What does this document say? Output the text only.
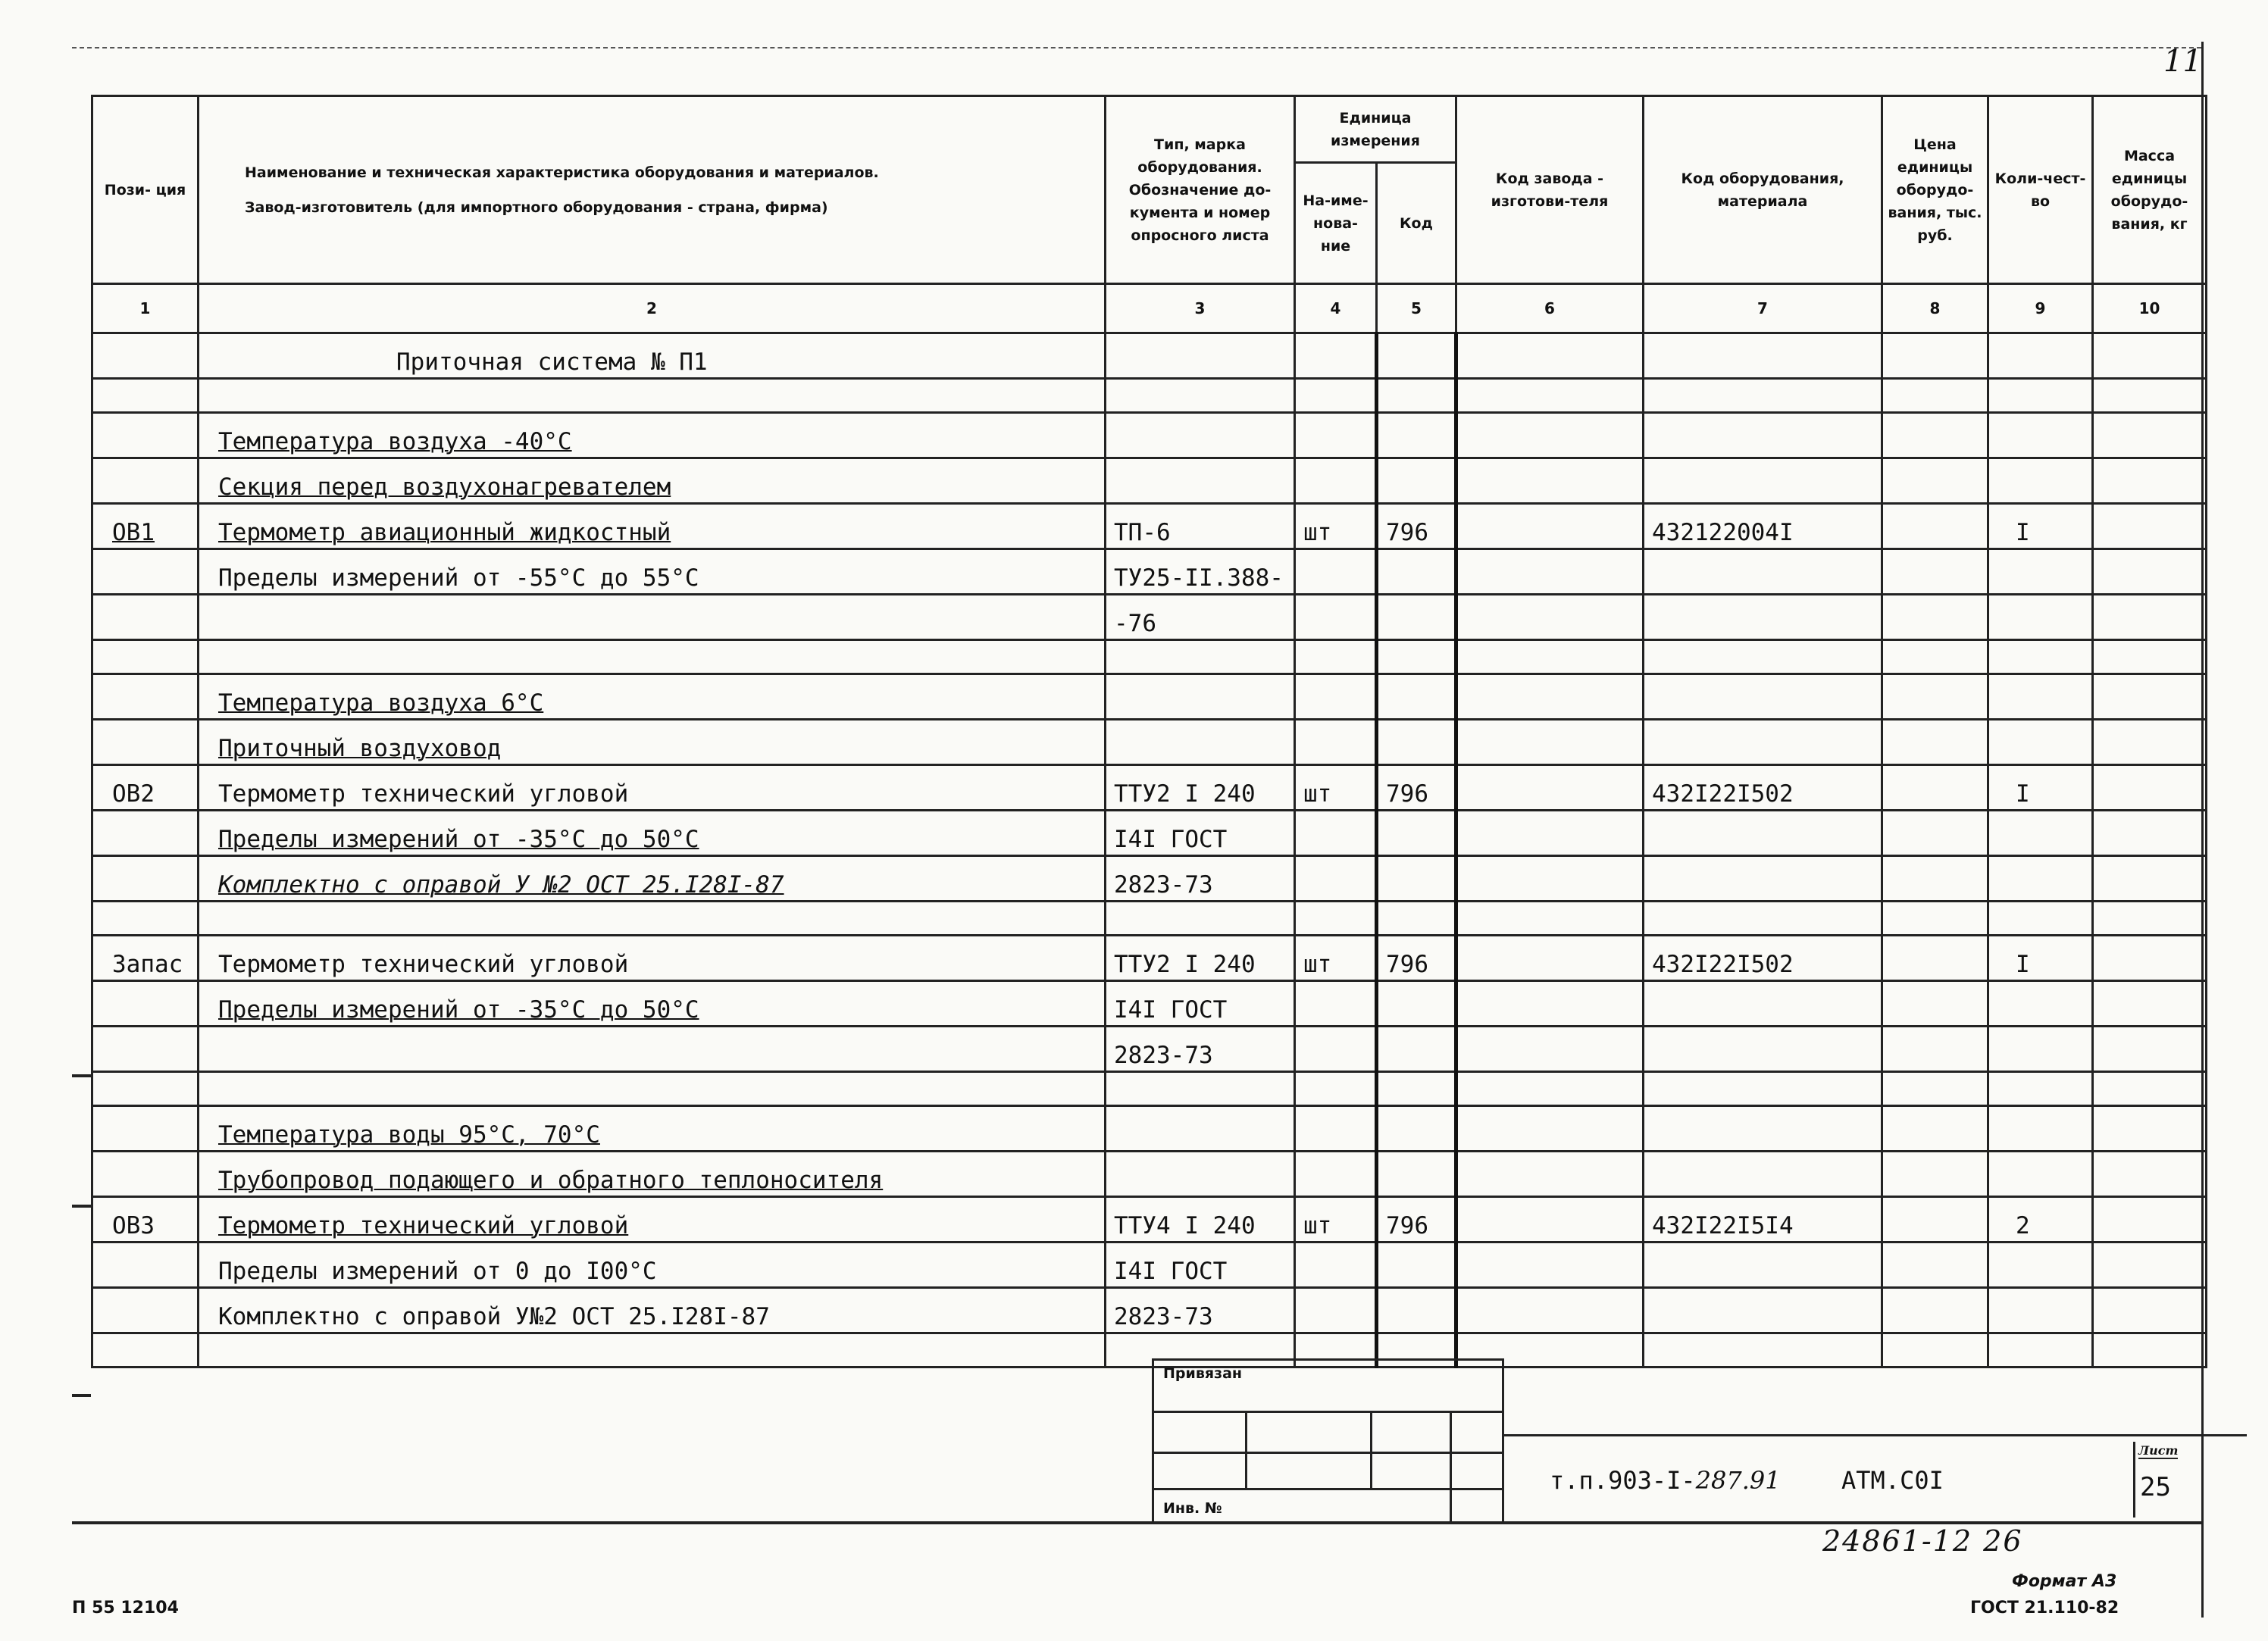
11
Пози- ция	Наименование и техническая характеристика оборудования и материалов.
Завод-изготовитель (для импортного оборудования - страна, фирма)	Тип, марка оборудования. Обозначение до-кумента и номер опросного листа	Единица измерения		Код завода - изготови-теля	Код оборудования, материала	Цена единицы оборудо-вания, тыс. руб.	Коли-чест-во	Масса единицы оборудо-вания, кг
			На-име-нова-ние	Код					
1	2	3	4	5	6	7	8	9	10
	Приточная система № П1								

	Температура воздуха -40°С								
	Секция перед воздухонагревателем								
ОВ1	Термометр авиационный жидкостный	ТП-6	шт	796		432122004I		I	
	Пределы измерений от -55°С до 55°С	ТУ25-II.388-							
		-76							

	Температура воздуха 6°С								
	Приточный воздуховод								
ОВ2	Термометр технический угловой	ТТУ2 I 240	шт	796		432I22I502		I	
	Пределы измерений от -35°С до 50°С	I4I ГОСТ							
	Комплектно с оправой У №2 ОСТ 25.I28I-87	2823-73							

Запас	Термометр технический угловой	ТТУ2 I 240	шт	796		432I22I502		I	
	Пределы измерений от -35°С до 50°С	I4I ГОСТ							
		2823-73							

	Температура воды 95°С, 70°С								
	Трубопровод подающего и обратного теплоносителя								
ОВ3	Термометр технический угловой	ТТУ4 I 240	шт	796		432I22I5I4		2	
	Пределы измерений от 0 до I00°С	I4I ГОСТ							
	Комплектно с оправой У№2 ОСТ 25.I28I-87	2823-73							

Привязан
Инв. №
т.п.903-I-287.91	АТМ.С0I
Лист
25
24861-12 26
Формат А3
ГОСТ 21.110-82
П 55 12104
